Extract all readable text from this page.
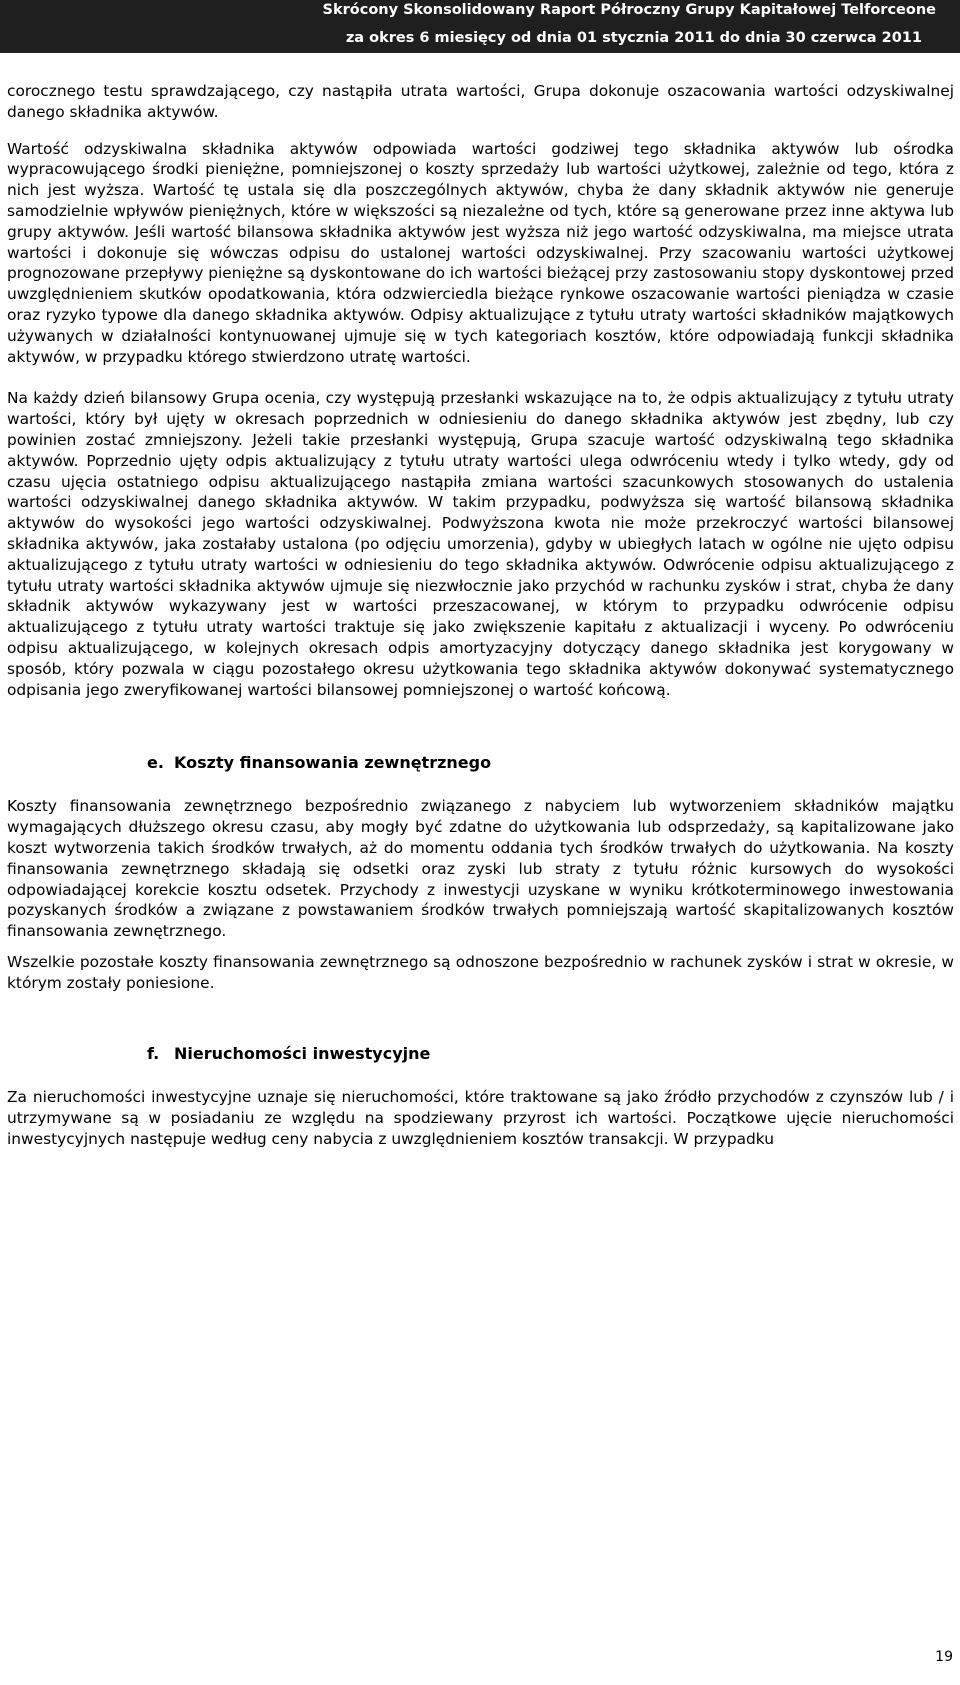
Skrócony Skonsolidowany Raport Półroczny Grupy Kapitałowej Telforceone
za okres 6 miesięcy od dnia 01 stycznia 2011 do dnia 30 czerwca 2011

corocznego testu sprawdzającego, czy nastąpiła utrata wartości, Grupa dokonuje oszacowania wartości odzyskiwalnej danego składnika aktywów.

Wartość odzyskiwalna składnika aktywów odpowiada wartości godziwej tego składnika aktywów lub ośrodka wypracowującego środki pieniężne, pomniejszonej o koszty sprzedaży lub wartości użytkowej, zależnie od tego, która z nich jest wyższa. Wartość tę ustala się dla poszczególnych aktywów, chyba że dany składnik aktywów nie generuje samodzielnie wpływów pieniężnych, które w większości są niezależne od tych, które są generowane przez inne aktywa lub grupy aktywów. Jeśli wartość bilansowa składnika aktywów jest wyższa niż jego wartość odzyskiwalna, ma miejsce utrata wartości i dokonuje się wówczas odpisu do ustalonej wartości odzyskiwalnej. Przy szacowaniu wartości użytkowej prognozowane przepływy pieniężne są dyskontowane do ich wartości bieżącej przy zastosowaniu stopy dyskontowej przed uwzględnieniem skutków opodatkowania, która odzwierciedla bieżące rynkowe oszacowanie wartości pieniądza w czasie oraz ryzyko typowe dla danego składnika aktywów. Odpisy aktualizujące z tytułu utraty wartości składników majątkowych używanych w działalności kontynuowanej ujmuje się w tych kategoriach kosztów, które odpowiadają funkcji składnika aktywów, w przypadku którego stwierdzono utratę wartości.

Na każdy dzień bilansowy Grupa ocenia, czy występują przesłanki wskazujące na to, że odpis aktualizujący z tytułu utraty wartości, który był ujęty w okresach poprzednich w odniesieniu do danego składnika aktywów jest zbędny, lub czy powinien zostać zmniejszony. Jeżeli takie przesłanki występują, Grupa szacuje wartość odzyskiwalną tego składnika aktywów. Poprzednio ujęty odpis aktualizujący z tytułu utraty wartości ulega odwróceniu wtedy i tylko wtedy, gdy od czasu ujęcia ostatniego odpisu aktualizującego nastąpiła zmiana wartości szacunkowych stosowanych do ustalenia wartości odzyskiwalnej danego składnika aktywów. W takim przypadku, podwyższa się wartość bilansową składnika aktywów do wysokości jego wartości odzyskiwalnej. Podwyższona kwota nie może przekroczyć wartości bilansowej składnika aktywów, jaka zostałaby ustalona (po odjęciu umorzenia), gdyby w ubiegłych latach w ogólne nie ujęto odpisu aktualizującego z tytułu utraty wartości w odniesieniu do tego składnika aktywów. Odwrócenie odpisu aktualizującego z tytułu utraty wartości składnika aktywów ujmuje się niezwłocznie jako przychód w rachunku zysków i strat, chyba że dany składnik aktywów wykazywany jest w wartości przeszacowanej, w którym to przypadku odwrócenie odpisu aktualizującego z tytułu utraty wartości traktuje się jako zwiększenie kapitału z aktualizacji i wyceny. Po odwróceniu odpisu aktualizującego, w kolejnych okresach odpis amortyzacyjny dotyczący danego składnika jest korygowany w sposób, który pozwala w ciągu pozostałego okresu użytkowania tego składnika aktywów dokonywać systematycznego odpisania jego zweryfikowanej wartości bilansowej pomniejszonej o wartość końcową.

e. Koszty finansowania zewnętrznego

Koszty finansowania zewnętrznego bezpośrednio związanego z nabyciem lub wytworzeniem składników majątku wymagających dłuższego okresu czasu, aby mogły być zdatne do użytkowania lub odsprzedaży, są kapitalizowane jako koszt wytworzenia takich środków trwałych, aż do momentu oddania tych środków trwałych do użytkowania. Na koszty finansowania zewnętrznego składają się odsetki oraz zyski lub straty z tytułu różnic kursowych do wysokości odpowiadającej korekcie kosztu odsetek. Przychody z inwestycji uzyskane w wyniku krótkoterminowego inwestowania pozyskanych środków a związane z powstawaniem środków trwałych pomniejszają wartość skapitalizowanych kosztów finansowania zewnętrznego.

Wszelkie pozostałe koszty finansowania zewnętrznego są odnoszone bezpośrednio w rachunek zysków i strat w okresie, w którym zostały poniesione.

f. Nieruchomości inwestycyjne

Za nieruchomości inwestycyjne uznaje się nieruchomości, które traktowane są jako źródło przychodów z czynszów lub / i utrzymywane są w posiadaniu ze względu na spodziewany przyrost ich wartości. Początkowe ujęcie nieruchomości inwestycyjnych następuje według ceny nabycia z uwzględnieniem kosztów transakcji. W przypadku

19
